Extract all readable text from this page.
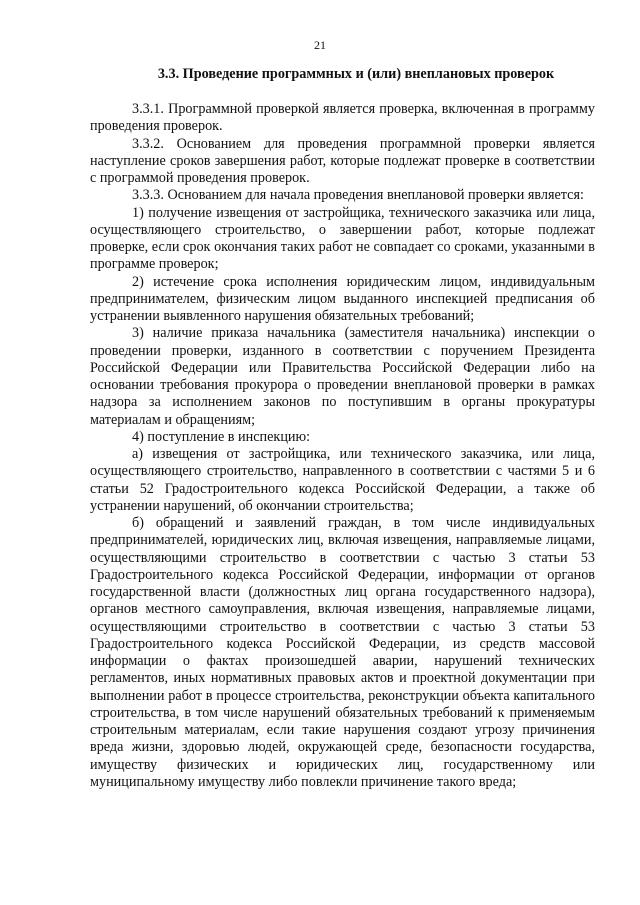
21
3.3. Проведение программных и (или) внеплановых проверок

3.3.1. Программной проверкой является проверка, включенная в программу проведения проверок.

3.3.2. Основанием для проведения программной проверки является наступление сроков завершения работ, которые подлежат проверке в соответствии с программой проведения проверок.

3.3.3. Основанием для начала проведения внеплановой проверки является:

1) получение извещения от застройщика, технического заказчика или лица, осуществляющего строительство, о завершении работ, которые подлежат проверке, если срок окончания таких работ не совпадает со сроками, указанными в программе проверок;

2) истечение срока исполнения юридическим лицом, индивидуальным предпринимателем, физическим лицом выданного инспекцией предписания об устранении выявленного нарушения обязательных требований;

3) наличие приказа начальника (заместителя начальника) инспекции о проведении проверки, изданного в соответствии с поручением Президента Российской Федерации или Правительства Российской Федерации либо на основании требования прокурора о проведении внеплановой проверки в рамках надзора за исполнением законов по поступившим в органы прокуратуры материалам и обращениям;

4) поступление в инспекцию:

а) извещения от застройщика, или технического заказчика, или лица, осуществляющего строительство, направленного в соответствии с частями 5 и 6 статьи 52 Градостроительного кодекса Российской Федерации, а также об устранении нарушений, об окончании строительства;

б) обращений и заявлений граждан, в том числе индивидуальных предпринимателей, юридических лиц, включая извещения, направляемые лицами, осуществляющими строительство в соответствии с частью 3 статьи 53 Градостроительного кодекса Российской Федерации, информации от органов государственной власти (должностных лиц органа государственного надзора), органов местного самоуправления, включая извещения, направляемые лицами, осуществляющими строительство в соответствии с частью 3 статьи 53 Градостроительного кодекса Российской Федерации, из средств массовой информации о фактах произошедшей аварии, нарушений технических регламентов, иных нормативных правовых актов и проектной документации при выполнении работ в процессе строительства, реконструкции объекта капитального строительства, в том числе нарушений обязательных требований к применяемым строительным материалам, если такие нарушения создают угрозу причинения вреда жизни, здоровью людей, окружающей среде, безопасности государства, имуществу физических и юридических лиц, государственному или муниципальному имуществу либо повлекли причинение такого вреда;
